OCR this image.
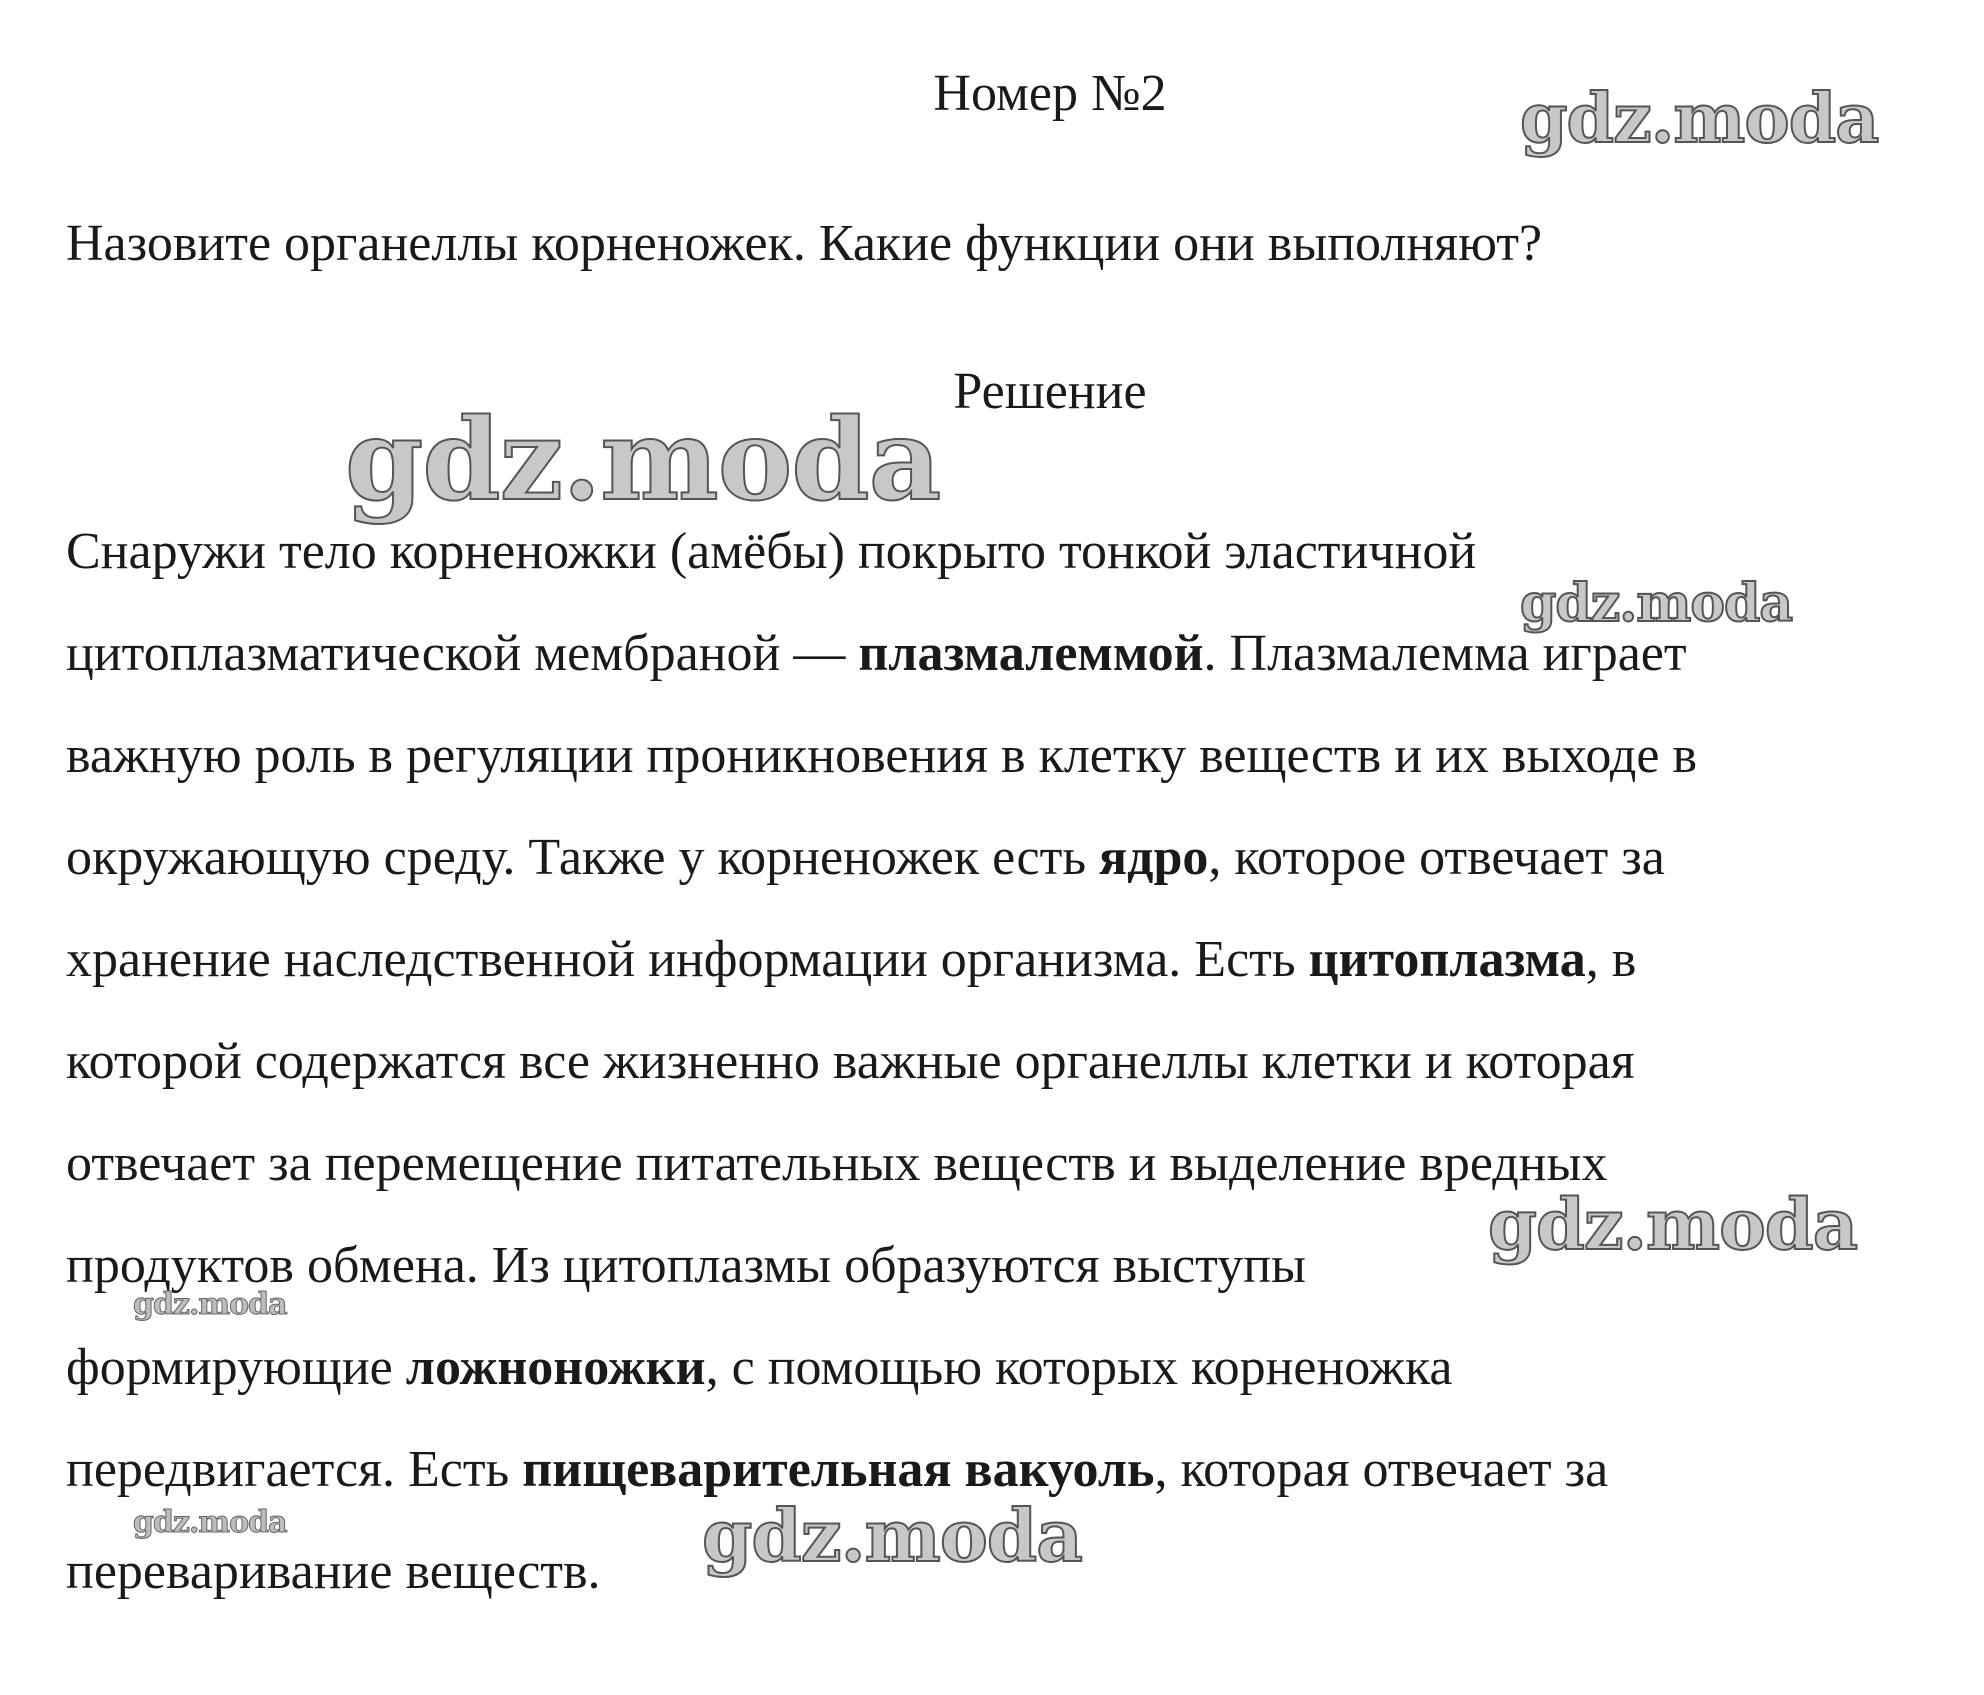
Номер №2
Назовите органеллы корненожек. Какие функции они выполняют?
Решение
Снаружи тело корненожки (амёбы) покрыто тонкой эластичной
цитоплазматической мембраной — плазмалеммой. Плазмалемма играет
важную роль в регуляции проникновения в клетку веществ и их выходе в
окружающую среду. Также у корненожек есть ядро, которое отвечает за
хранение наследственной информации организма. Есть цитоплазма, в
которой содержатся все жизненно важные органеллы клетки и которая
отвечает за перемещение питательных веществ и выделение вредных
продуктов обмена. Из цитоплазмы образуются выступы
формирующие ложноножки, с помощью которых корненожка
передвигается. Есть пищеварительная вакуоль, которая отвечает за
переваривание веществ.
gdz.moda
gdz.moda
gdz.moda
gdz.moda
gdz.moda
gdz.moda	gdz.moda
